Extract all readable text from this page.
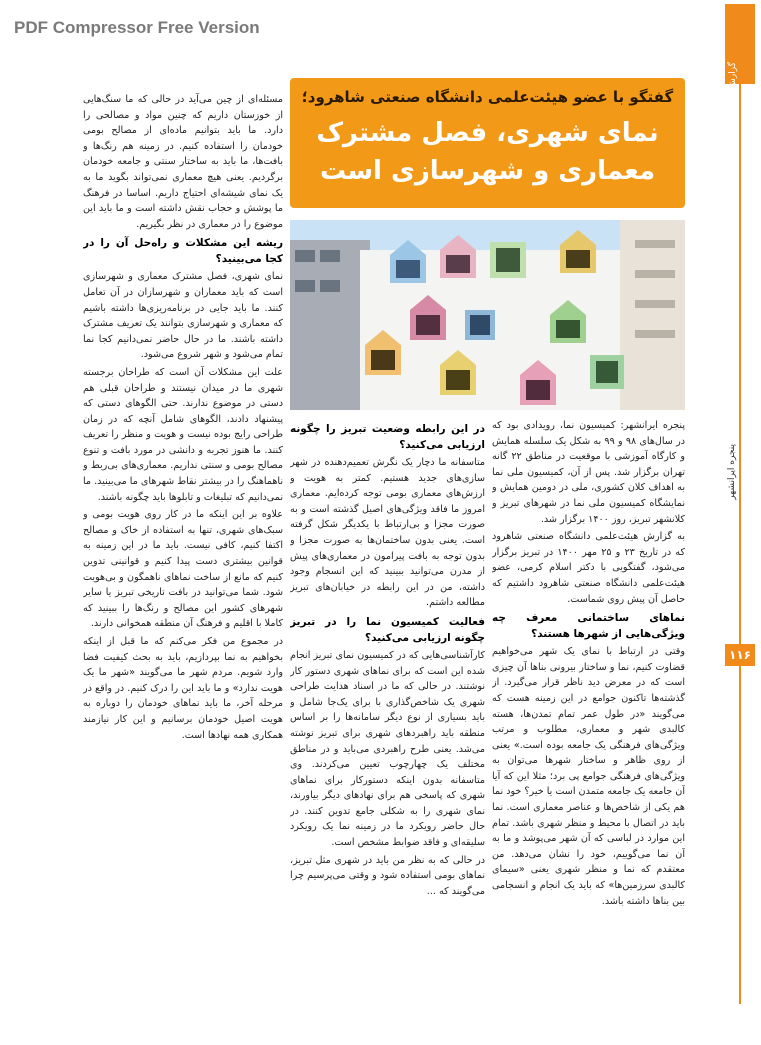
PDF Compressor Free Version
گزارش
پنجره ایرانشهر
۱۱۶
گفتگو با عضو هیئت‌علمی دانشگاه صنعتی شاهرود؛
نمای شهری، فصل مشترک
معماری و شهرسازی است

مسئله‌ای از چین می‌آید در حالی که ما سنگ‌هایی از خوزستان داریم که چنین مواد و مصالحی را دارد. ما باید بتوانیم ماده‌ای از مصالح بومی خودمان را استفاده کنیم. در زمینه هم رنگ‌ها و بافت‌ها، ما باید به ساختار سنتی و جامعه خودمان برگردیم. یعنی هیچ معماری نمی‌تواند بگوید ما به یک نمای شیشه‌ای احتیاج داریم. اساسا در فرهنگ ما پوشش و حجاب نقش داشته است و ما باید این موضوع را در معماری در نظر بگیریم.

ریشه این مشکلات و راه‌حل آن را در کجا می‌بینید؟

نمای شهری، فصل مشترک معماری و شهرسازی است که باید معماران و شهرسازان در آن تعامل کنند. ما باید جایی در برنامه‌ریزی‌ها داشته باشیم که معماری و شهرسازی بتوانند یک تعریف مشترک داشته باشند. ما در حال حاضر نمی‌دانیم کجا نما تمام می‌شود و شهر شروع می‌شود.

علت این مشکلات آن است که طراحان برجسته شهری ما در میدان نیستند و طراحان قبلی هم دستی در موضوع ندارند. حتی الگوهای دستی که پیشنهاد دادند، الگوهای شامل آنچه که در زمان طراحی رایج بوده نیست و هویت و منظر را تعریف کنند. ما هنوز تجربه و دانشی در مورد بافت و تنوع مصالح بومی و سنتی نداریم. معماری‌های بی‌ربط و ناهماهنگ را در بیشتر نقاط شهرهای ما می‌بینید. ما نمی‌دانیم که تبلیغات و تابلوها باید چگونه باشند.

علاوه بر این اینکه ما در کار روی هویت بومی و سبک‌های شهری، تنها به استفاده از خاک و مصالح اکتفا کنیم، کافی نیست. باید ما در این زمینه به قوانین بیشتری دست پیدا کنیم و قوانینی تدوین کنیم که مانع از ساخت نماهای ناهمگون و بی‌هویت شود. شما می‌توانید در بافت تاریخی تبریز یا سایر شهرهای کشور این مصالح و رنگ‌ها را ببینید که کاملا با اقلیم و فرهنگ آن منطقه همخوانی دارند.

در مجموع من فکر می‌کنم که ما قبل از اینکه بخواهیم به نما بپردازیم، باید به بحث کیفیت فضا وارد شویم. مردم شهر ما می‌گویند «شهر ما یک هویت ندارد» و ما باید این را درک کنیم. در واقع در مرحله آخر، ما باید نماهای خودمان را دوباره به هویت اصیل خودمان برسانیم و این کار نیازمند همکاری همه نهادها است.

در این رابطه وضعیت تبریز را چگونه ارزیابی می‌کنید؟

متاسفانه ما دچار یک نگرش تعمیم‌دهنده در شهر سازی‌های جدید هستیم. کمتر به هویت و ارزش‌های معماری بومی توجه کرده‌ایم. معماری امروز ما فاقد ویژگی‌های اصیل گذشته است و به صورت مجزا و بی‌ارتباط با یکدیگر شکل گرفته است. یعنی بدون ساختمان‌ها به صورت مجزا و بدون توجه به بافت پیرامون در معماری‌های پیش از مدرن می‌توانید ببینید که این انسجام وجود داشته، من در این رابطه در خیابان‌های تبریز مطالعه داشتم.

فعالیت کمیسیون نما را در تبریز چگونه ارزیابی می‌کنید؟

کارآشناسی‌هایی که در کمیسیون نمای تبریز انجام شده این است که برای نماهای شهری دستور کار نوشتند. در حالی که ما در اسناد هدایت طراحی شهری یک شاخص‌گذاری با برای یک‌جا شامل و باید بسیاری از نوع دیگر سامانه‌ها را بر اساس منطقه باید راهبردهای شهری برای تبریز نوشته می‌شد. یعنی طرح راهبردی می‌باید و در مناطق مختلف یک چهارچوب تعیین می‌کردند. وی متاسفانه بدون اینکه دستورکار برای نماهای شهری که پاسخی هم برای نهادهای دیگر بیاورند، نمای شهری را به شکلی جامع تدوین کنند. در حال حاضر رویکرد ما در زمینه نما یک رویکرد سلیقه‌ای و فاقد ضوابط مشخص است.

در حالی که به نظر من باید در شهری مثل تبریز، نماهای بومی استفاده شود و وقتی می‌پرسیم چرا می‌گویند که ...

پنجره ایرانشهر: کمیسیون نما، رویدادی بود که در سال‌های ۹۸ و ۹۹ به شکل یک سلسله همایش و کارگاه آموزشی با موقعیت در مناطق ۲۲ گانه تهران برگزار شد. پس از آن، کمیسیون ملی نما به اهداف کلان کشوری، ملی در دومین همایش و نمایشگاه کمیسیون ملی نما در شهرهای تبریز و کلانشهر تبریز، روز ۱۴۰۰ برگزار شد.

به گزارش هیئت‌علمی دانشگاه صنعتی شاهرود که در تاریخ ۲۳ و ۲۵ مهر ۱۴۰۰ در تبریز برگزار می‌شود، گفتگویی با دکتر اسلام کرمی، عضو هیئت‌علمی دانشگاه صنعتی شاهرود داشتیم که حاصل آن پیش روی شماست.

نماهای ساختمانی معرف چه ویژگی‌هایی از شهرها هستند؟

وقتی در ارتباط با نمای یک شهر می‌خواهیم قضاوت کنیم، نما و ساختار بیرونی بناها آن چیزی است که در معرض دید ناظر قرار می‌گیرد. از گذشته‌ها تاکنون جوامع در این زمینه هست که می‌گویند «در طول عمر تمام تمدن‌ها، هسته کالبدی شهر و معماری، مطلوب و مرتب ویژگی‌های فرهنگی یک جامعه بوده است.» یعنی از روی ظاهر و ساختار شهرها می‌توان به ویژگی‌های فرهنگی جوامع پی برد؛ مثلا این که آیا آن جامعه یک جامعه متمدن است یا خیر؟ خود نما هم یکی از شاخص‌ها و عناصر معماری است. نما باید در اتصال با محیط و منظر شهری باشد. تمام این موارد در لباسی که آن شهر می‌پوشد و ما به آن نما می‌گوییم، خود را نشان می‌دهد. من معتقدم که نما و منظر شهری یعنی «سیمای کالبدی سرزمین‌ها» که باید یک انجام و انسجامی بین بناها داشته باشد.
